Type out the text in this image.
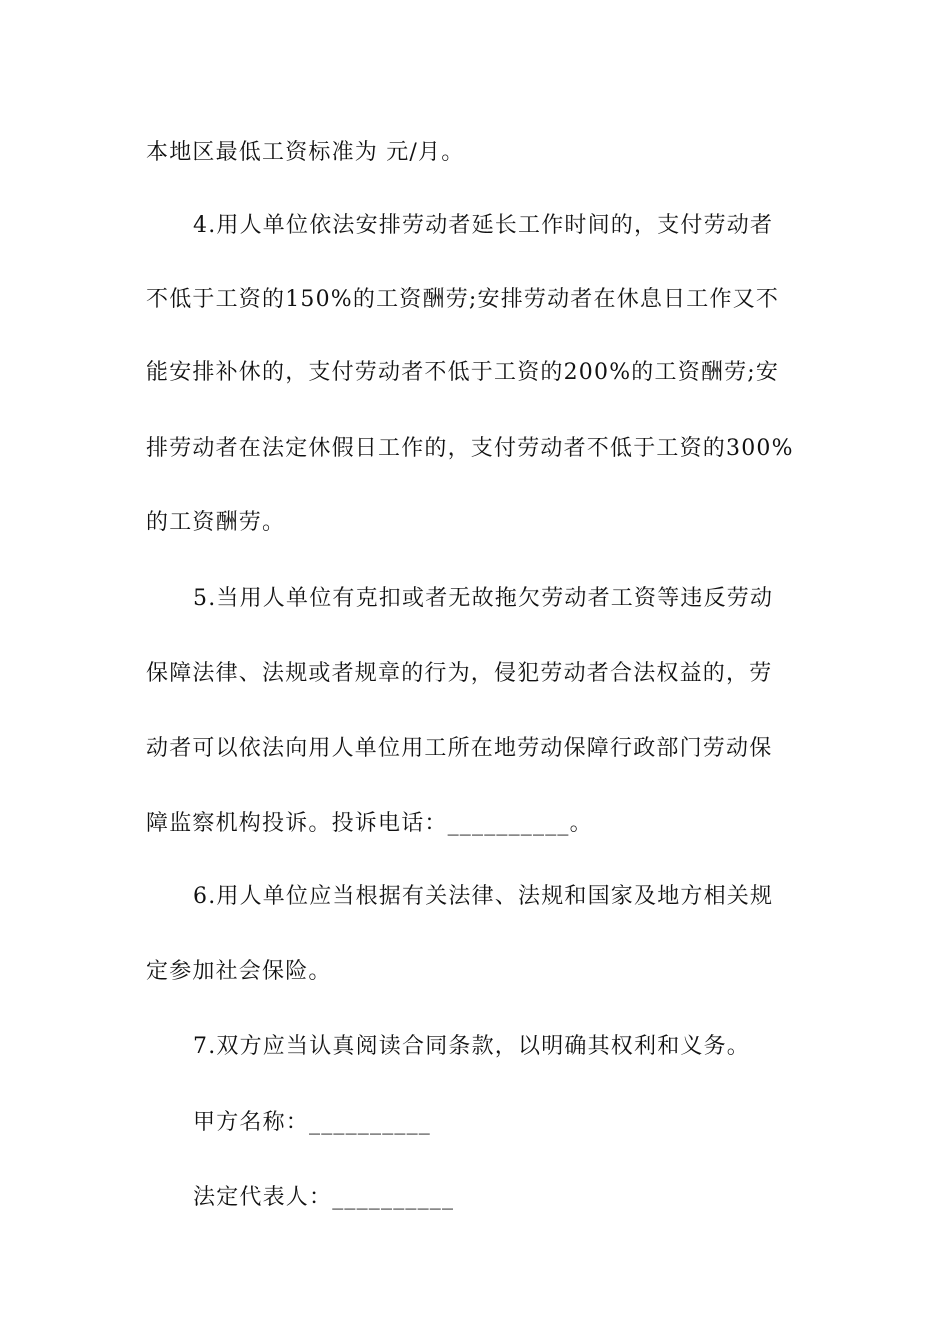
本地区最低工资标准为 元/月。
4.用人单位依法安排劳动者延长工作时间的，支付劳动者
不低于工资的150%的工资酬劳;安排劳动者在休息日工作又不
能安排补休的，支付劳动者不低于工资的200%的工资酬劳;安
排劳动者在法定休假日工作的，支付劳动者不低于工资的300%
的工资酬劳。
5.当用人单位有克扣或者无故拖欠劳动者工资等违反劳动
保障法律、法规或者规章的行为，侵犯劳动者合法权益的，劳
动者可以依法向用人单位用工所在地劳动保障行政部门劳动保
障监察机构投诉。投诉电话：__________。
6.用人单位应当根据有关法律、法规和国家及地方相关规
定参加社会保险。
7.双方应当认真阅读合同条款，以明确其权利和义务。
甲方名称：__________
法定代表人：__________
